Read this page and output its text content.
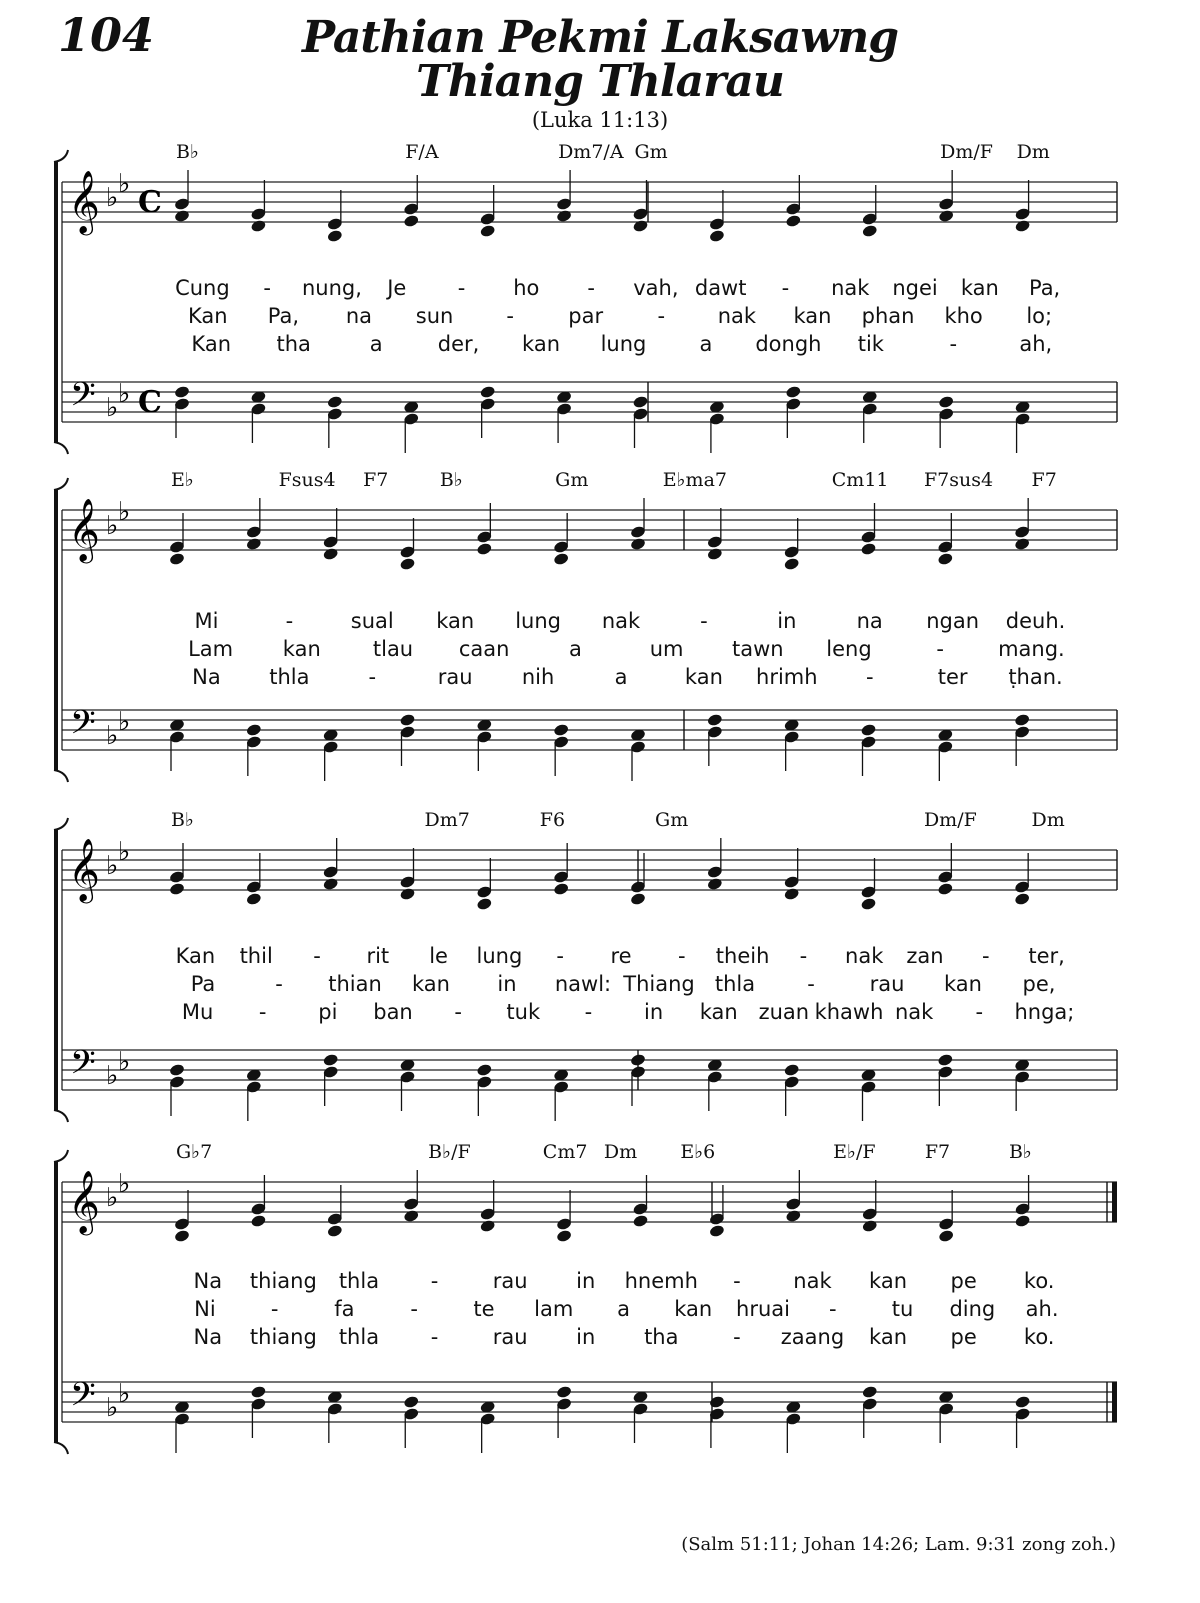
104	Pathian Pekmi Laksawng
Thiang Thlarau
(Luka 11:13)
𝄞
𝄢
♭ ♭
♭ ♭
C
C
B♭	F/A	Dm7/A Gm	Dm/F Dm
Cung - nung, Je - ho - vah, dawt - nak ngei kan Pa,
Kan Pa, na sun	-	par	-	nak kan phan kho lo;
Kan tha	a	der, kan lung	a dongh tik	-	ah,
𝄞
𝄢
♭ ♭
♭ ♭
E♭	Fsus4 F7	B♭	Gm	E♭ma7	Cm11 F7sus4 F7
Mi	-	sual kan lung nak	-	in	na ngan deuh.
Lam kan tlau caan	a	um tawn leng	-	mang.
Na thla	-	rau nih	a	kan hrimh -	ter ṭhan.
𝄞
𝄢
♭ ♭
♭ ♭
B♭	Dm7	F6	Gm	Dm/F	Dm
Kan thil - rit le lung - re - theih - nak zan - ter,
Pa	- thian kan in nawl: Thiang thla -	rau kan pe,
Mu - pi ban - tuk - in kan zuan khawh nak - hnga;
𝄞
𝄢
♭ ♭
♭ ♭
G♭7	B♭/F	Cm7 Dm E♭6	E♭/F	F7	B♭
Na thiang thla -	rau in hnemh -	nak kan pe ko.
Ni	-	fa	-	te lam a kan hruai -	tu ding ah.
Na thiang thla -	rau in tha	- zaang kan pe ko.
(Salm 51:11; Johan 14:26; Lam. 9:31 zong zoh.)
